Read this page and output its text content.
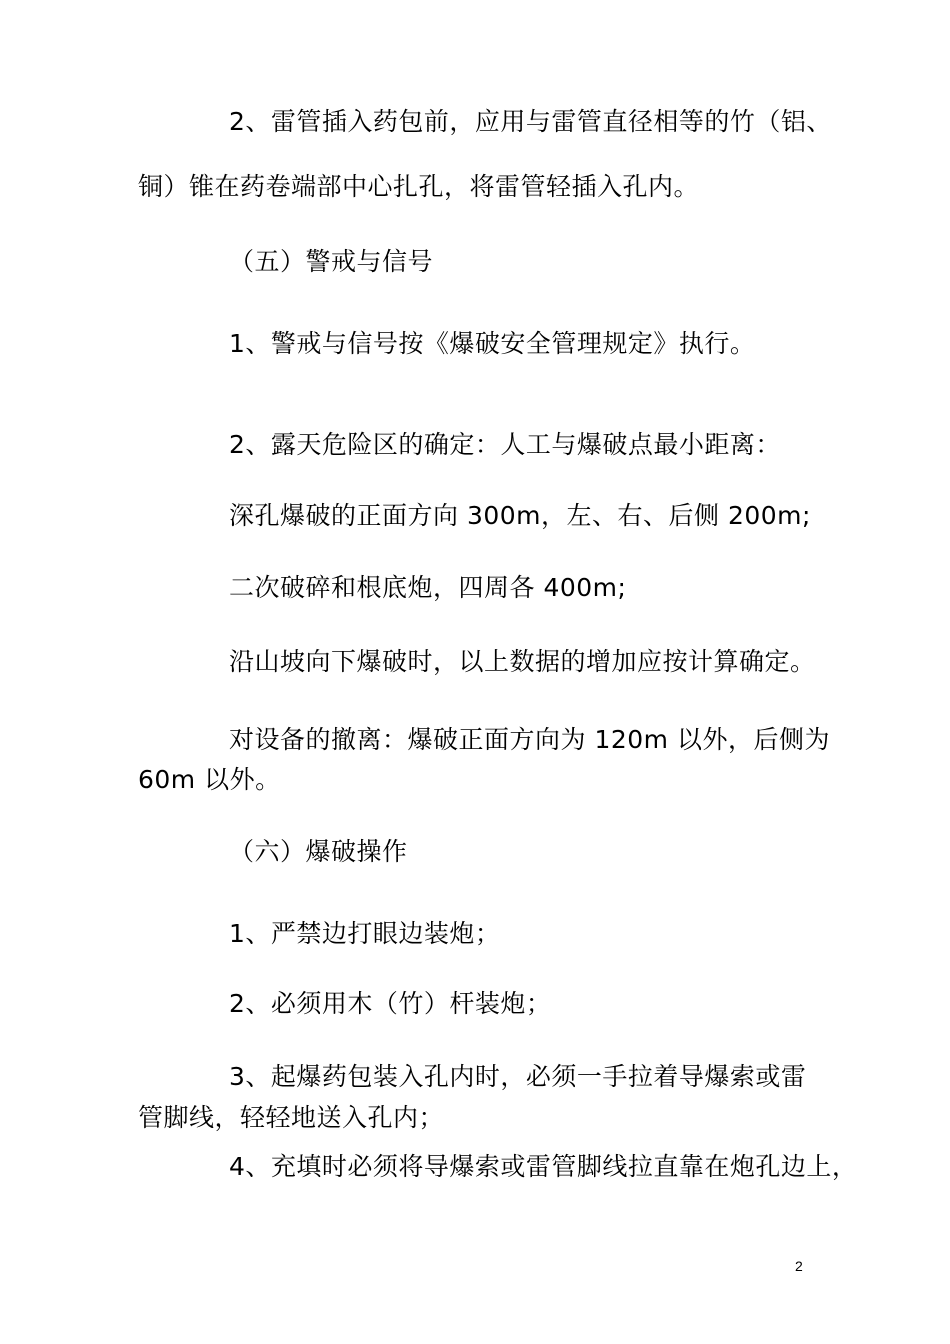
2、雷管插入药包前，应用与雷管直径相等的竹（铝、
铜）锥在药卷端部中心扎孔，将雷管轻插入孔内。
（五）警戒与信号
1、警戒与信号按《爆破安全管理规定》执行。
2、露天危险区的确定：人工与爆破点最小距离：
深孔爆破的正面方向 300m，左、右、后侧 200m;
二次破碎和根底炮，四周各 400m;
沿山坡向下爆破时，以上数据的增加应按计算确定。
对设备的撤离：爆破正面方向为 120m 以外，后侧为
60m 以外。
（六）爆破操作
1、严禁边打眼边装炮；
2、必须用木（竹）杆装炮；
3、起爆药包装入孔内时，必须一手拉着导爆索或雷
管脚线，轻轻地送入孔内；
4、充填时必须将导爆索或雷管脚线拉直靠在炮孔边上，
2
